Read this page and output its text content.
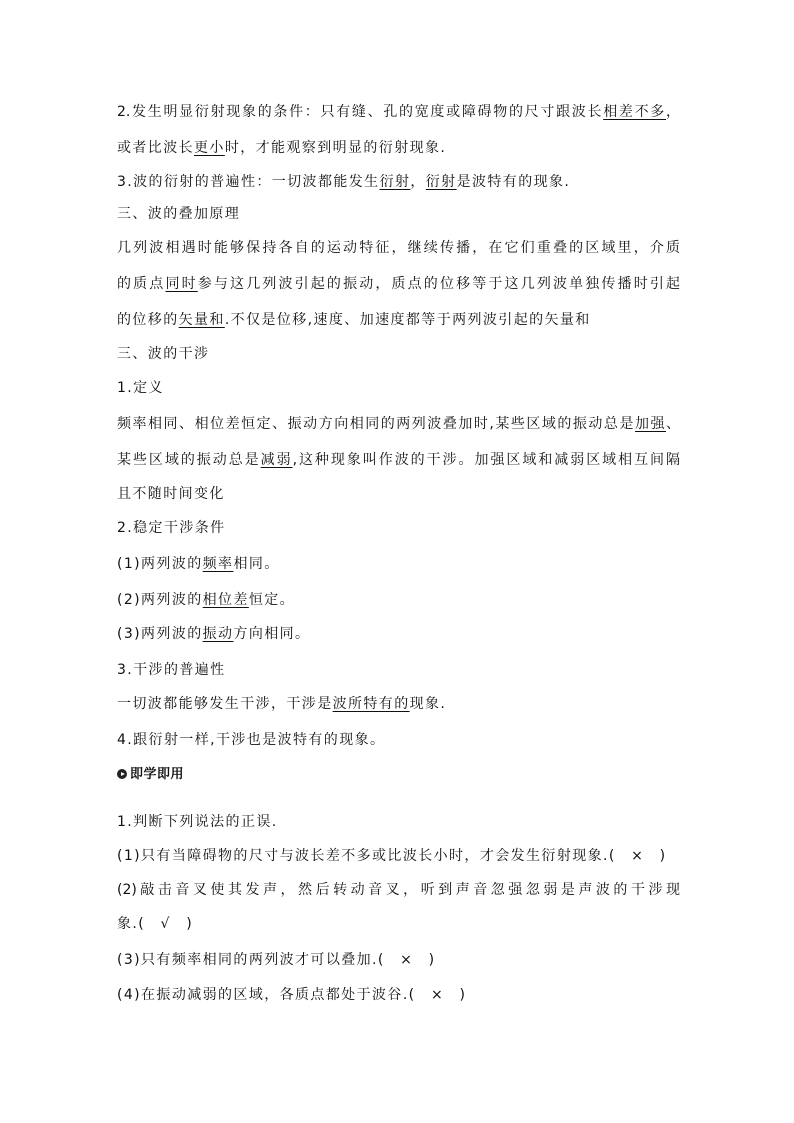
2.发生明显衍射现象的条件：只有缝、孔的宽度或障碍物的尺寸跟波长相差不多，
或者比波长更小时，才能观察到明显的衍射现象.
3.波的衍射的普遍性：一切波都能发生衍射，衍射是波特有的现象.
三、波的叠加原理
几列波相遇时能够保持各自的运动特征，继续传播，在它们重叠的区域里，介质
的质点同时参与这几列波引起的振动，质点的位移等于这几列波单独传播时引起
的位移的矢量和.不仅是位移,速度、加速度都等于两列波引起的矢量和
三、波的干涉
1.定义
频率相同、相位差恒定、振动方向相同的两列波叠加时,某些区域的振动总是加强、
某些区域的振动总是减弱,这种现象叫作波的干涉。加强区域和减弱区域相互间隔
且不随时间变化
2.稳定干涉条件
(1)两列波的频率相同。
(2)两列波的相位差恒定。
(3)两列波的振动方向相同。
3.干涉的普遍性
一切波都能够发生干涉，干涉是波所特有的现象.
4.跟衍射一样,干涉也是波特有的现象。
即学即用
1.判断下列说法的正误.
(1)只有当障碍物的尺寸与波长差不多或比波长小时，才会发生衍射现象.(　×　)
(2)敲击音叉使其发声，然后转动音叉，听到声音忽强忽弱是声波的干涉现
象.(　√　)
(3)只有频率相同的两列波才可以叠加.(　×　)
(4)在振动减弱的区域，各质点都处于波谷.(　×　)
